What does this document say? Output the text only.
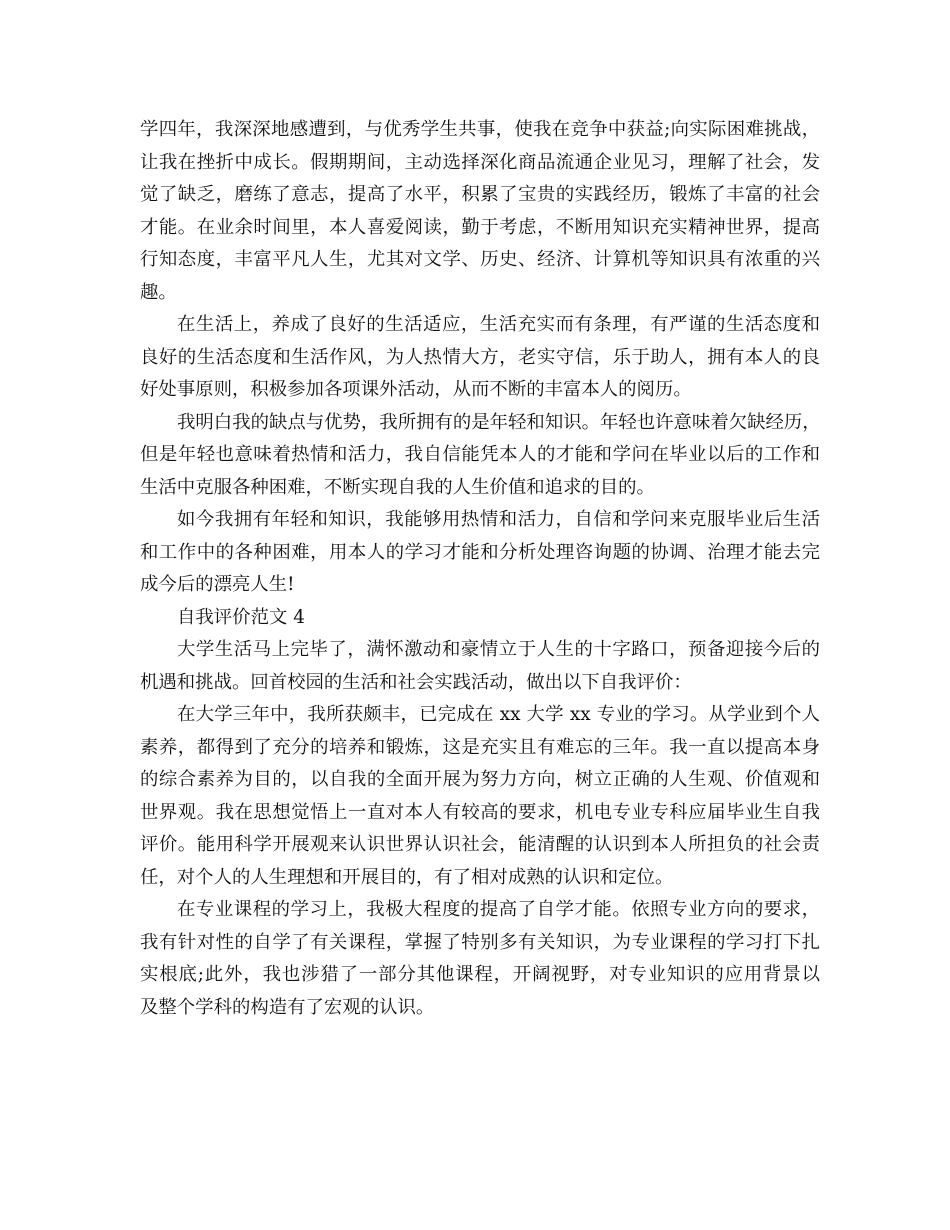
学四年，我深深地感遭到，与优秀学生共事，使我在竞争中获益;向实际困难挑战，
让我在挫折中成长。假期期间，主动选择深化商品流通企业见习，理解了社会，发
觉了缺乏，磨练了意志，提高了水平，积累了宝贵的实践经历，锻炼了丰富的社会
才能。在业余时间里，本人喜爱阅读，勤于考虑，不断用知识充实精神世界，提高
行知态度，丰富平凡人生，尤其对文学、历史、经济、计算机等知识具有浓重的兴
趣。
在生活上，养成了良好的生活适应，生活充实而有条理，有严谨的生活态度和
良好的生活态度和生活作风，为人热情大方，老实守信，乐于助人，拥有本人的良
好处事原则，积极参加各项课外活动，从而不断的丰富本人的阅历。
我明白我的缺点与优势，我所拥有的是年轻和知识。年轻也许意味着欠缺经历，
但是年轻也意味着热情和活力，我自信能凭本人的才能和学问在毕业以后的工作和
生活中克服各种困难，不断实现自我的人生价值和追求的目的。
如今我拥有年轻和知识，我能够用热情和活力，自信和学问来克服毕业后生活
和工作中的各种困难，用本人的学习才能和分析处理咨询题的协调、治理才能去完
成今后的漂亮人生!
自我评价范文 4
大学生活马上完毕了，满怀激动和豪情立于人生的十字路口，预备迎接今后的
机遇和挑战。回首校园的生活和社会实践活动，做出以下自我评价：
在大学三年中，我所获颇丰，已完成在 xx 大学 xx 专业的学习。从学业到个人
素养，都得到了充分的培养和锻炼，这是充实且有难忘的三年。我一直以提高本身
的综合素养为目的，以自我的全面开展为努力方向，树立正确的人生观、价值观和
世界观。我在思想觉悟上一直对本人有较高的要求，机电专业专科应届毕业生自我
评价。能用科学开展观来认识世界认识社会，能清醒的认识到本人所担负的社会责
任，对个人的人生理想和开展目的，有了相对成熟的认识和定位。
在专业课程的学习上，我极大程度的提高了自学才能。依照专业方向的要求，
我有针对性的自学了有关课程，掌握了特别多有关知识，为专业课程的学习打下扎
实根底;此外，我也涉猎了一部分其他课程，开阔视野，对专业知识的应用背景以
及整个学科的构造有了宏观的认识。
